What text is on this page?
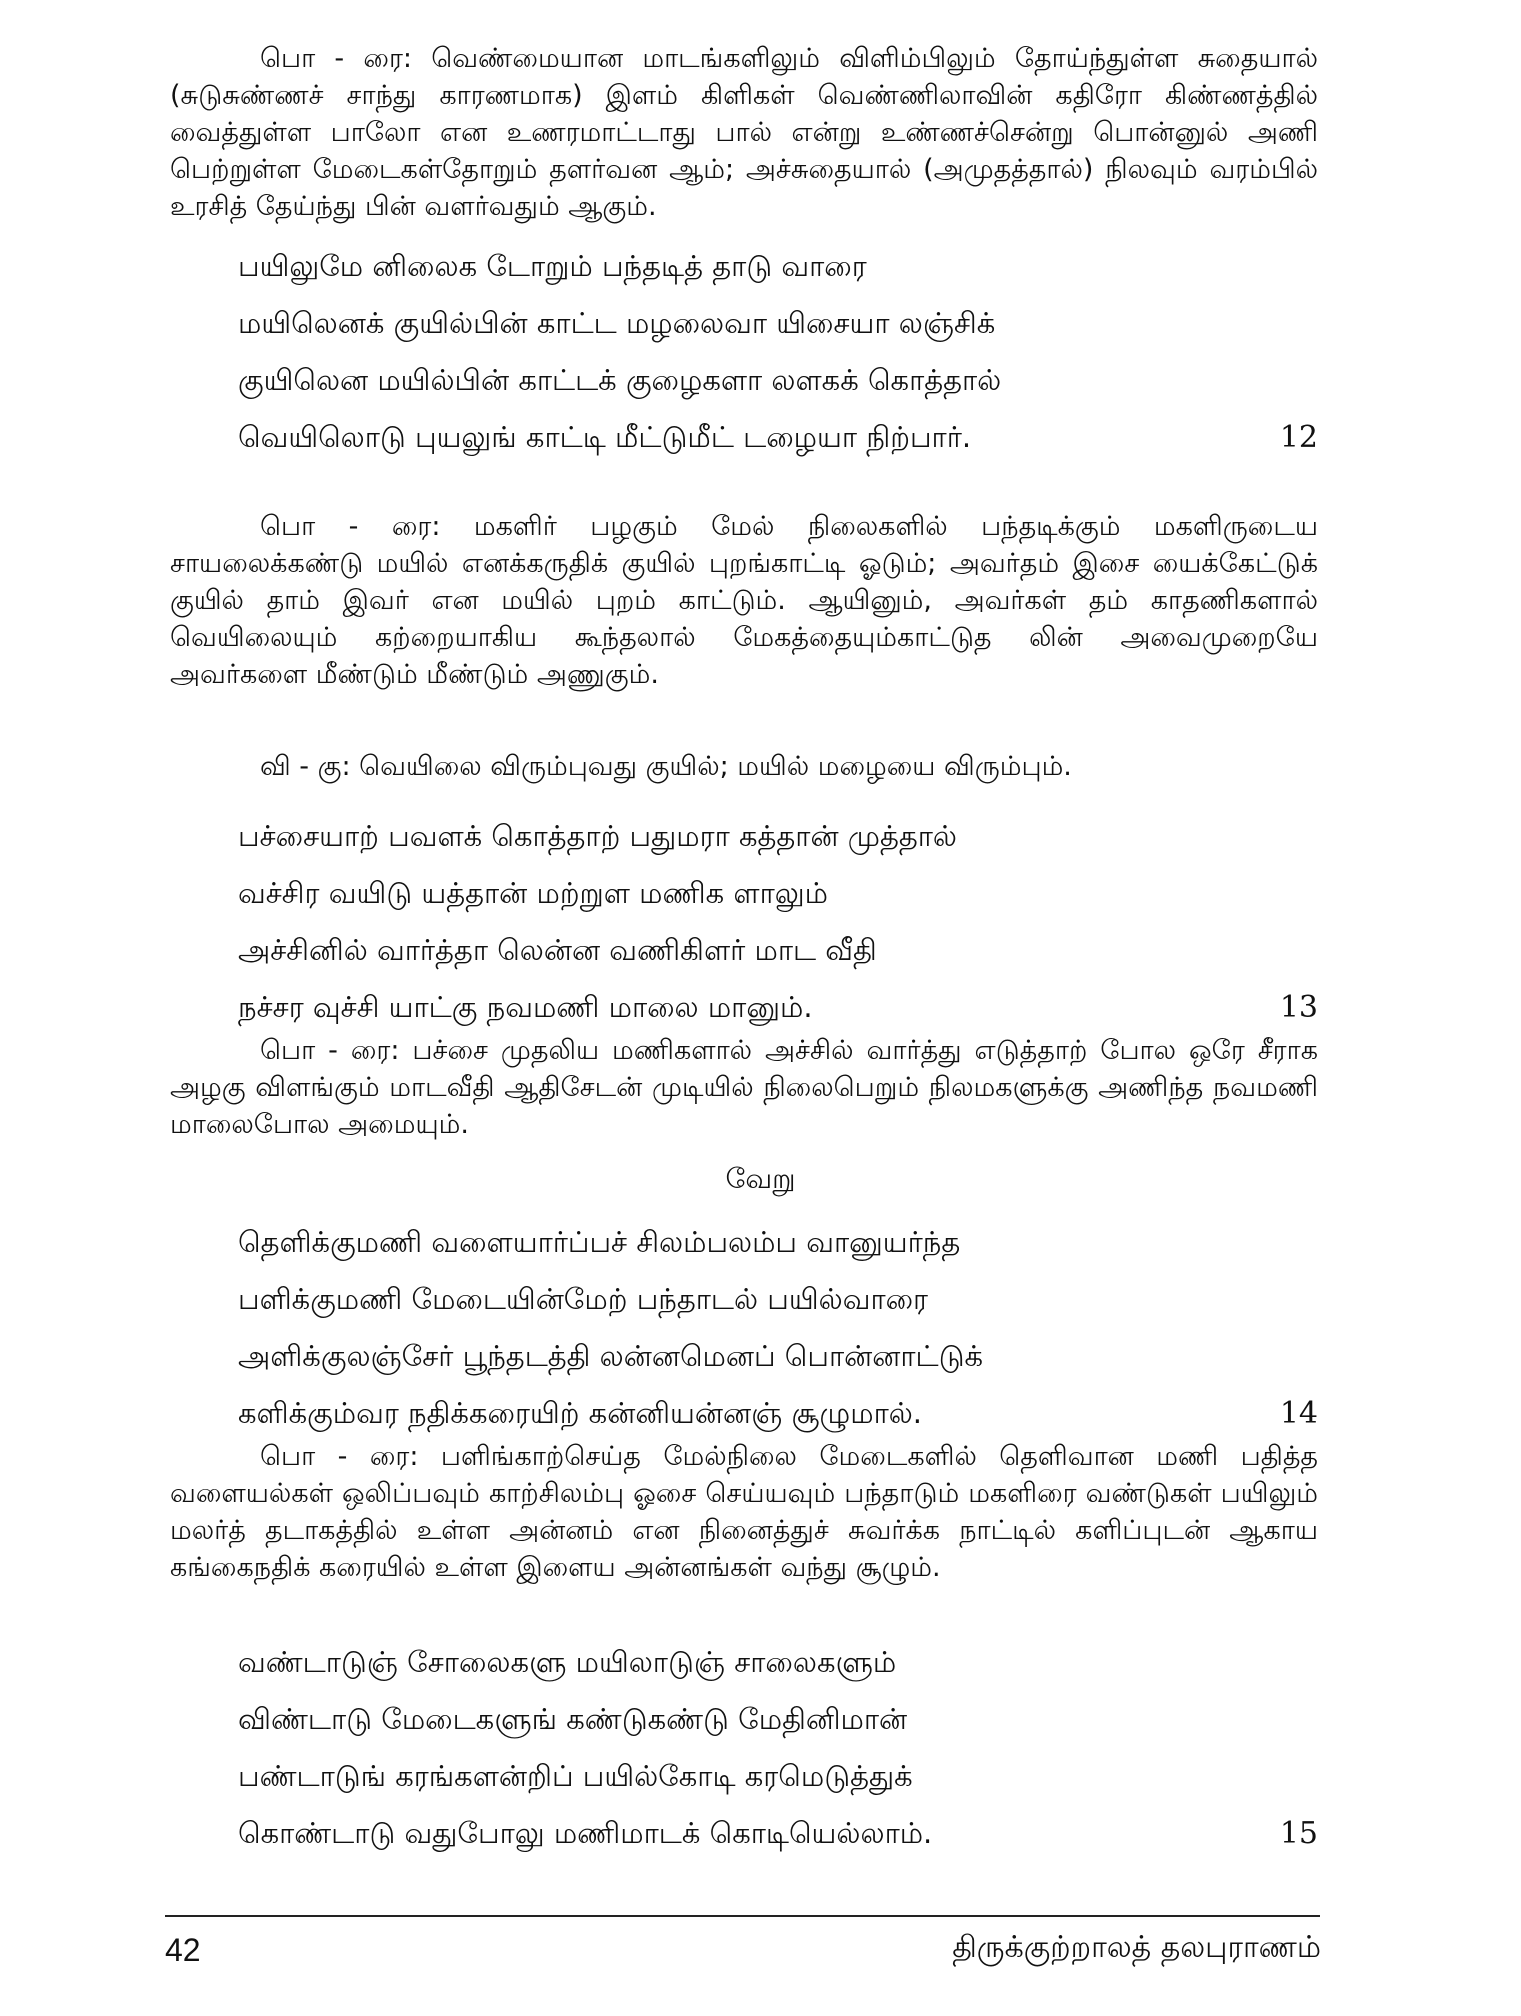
பொ - ரை: வெண்மையான மாடங்களிலும் விளிம்பிலும் தோய்ந்துள்ள சுதையால் (சுடுசுண்ணச் சாந்து காரணமாக) இளம் கிளிகள் வெண்ணிலாவின் கதிரோ கிண்ணத்தில் வைத்துள்ள பாலோ என உணரமாட்டாது பால் என்று உண்ணச்சென்று பொன்னுல் அணி பெற்றுள்ள மேடைகள்தோறும் தளர்வன ஆம்; அச்சுதையால் (அமுதத்தால்) நிலவும் வரம்பில் உரசித் தேய்ந்து பின் வளர்வதும் ஆகும்.
பயிலுமே னிலைக டோறும் பந்தடித் தாடு வாரை
மயிலெனக் குயில்பின் காட்ட மழலைவா யிசையா லஞ்சிக்
குயிலென மயில்பின் காட்டக் குழைகளா லளகக் கொத்தால்
வெயிலொடு புயலுங் காட்டி மீட்டுமீட் டழையா நிற்பார்.	12
பொ - ரை: மகளிர் பழகும் மேல் நிலைகளில் பந்தடிக்கும் மகளிருடைய சாயலைக்கண்டு மயில் எனக்கருதிக் குயில் புறங்காட்டி ஓடும்; அவர்தம் இசை யைக்கேட்டுக் குயில் தாம் இவர் என மயில் புறம் காட்டும். ஆயினும், அவர்கள் தம் காதணிகளால் வெயிலையும் கற்றையாகிய கூந்தலால் மேகத்தையும்காட்டுத லின் அவைமுறையே அவர்களை மீண்டும் மீண்டும் அணுகும்.
வி - கு: வெயிலை விரும்புவது குயில்; மயில் மழையை விரும்பும்.
பச்சையாற் பவளக் கொத்தாற் பதுமரா கத்தான் முத்தால்
வச்சிர வயிடு யத்தான் மற்றுள மணிக ளாலும்
அச்சினில் வார்த்தா லென்ன வணிகிளர் மாட வீதி
நச்சர வுச்சி யாட்கு நவமணி மாலை மானும்.	13
பொ - ரை: பச்சை முதலிய மணிகளால் அச்சில் வார்த்து எடுத்தாற் போல ஒரே சீராக அழகு விளங்கும் மாடவீதி ஆதிசேடன் முடியில் நிலைபெறும் நிலமகளுக்கு அணிந்த நவமணி மாலைபோல அமையும்.
வேறு
தெளிக்குமணி வளையார்ப்பச் சிலம்பலம்ப வானுயர்ந்த
பளிக்குமணி மேடையின்மேற் பந்தாடல் பயில்வாரை
அளிக்குலஞ்சேர் பூந்தடத்தி லன்னமெனப் பொன்னாட்டுக்
களிக்கும்வர நதிக்கரையிற் கன்னியன்னஞ் சூழுமால்.	14
பொ - ரை: பளிங்காற்செய்த மேல்நிலை மேடைகளில் தெளிவான மணி பதித்த வளையல்கள் ஒலிப்பவும் காற்சிலம்பு ஓசை செய்யவும் பந்தாடும் மகளிரை வண்டுகள் பயிலும் மலர்த் தடாகத்தில் உள்ள அன்னம் என நினைத்துச் சுவர்க்க நாட்டில் களிப்புடன் ஆகாய கங்கைநதிக் கரையில் உள்ள இளைய அன்னங்கள் வந்து சூழும்.
வண்டாடுஞ் சோலைகளு மயிலாடுஞ் சாலைகளும்
விண்டாடு மேடைகளுங் கண்டுகண்டு மேதினிமான்
பண்டாடுங் கரங்களன்றிப் பயில்கோடி கரமெடுத்துக்
கொண்டாடு வதுபோலு மணிமாடக் கொடியெல்லாம்.	15
42	திருக்குற்றாலத் தலபுராணம்
